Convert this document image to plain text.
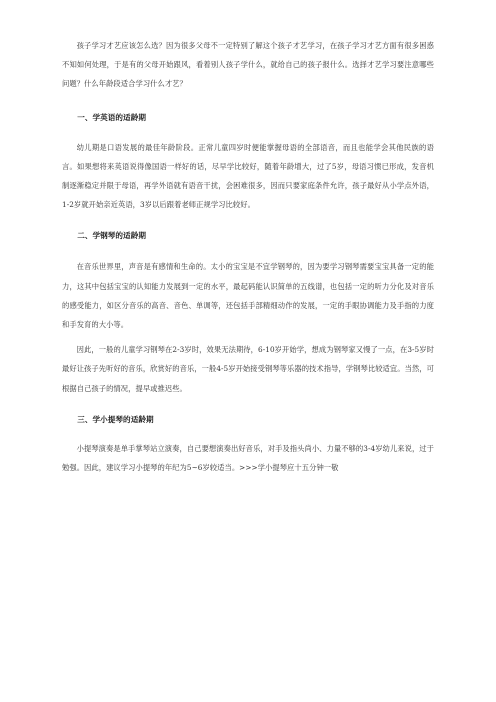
孩子学习才艺应该怎么选？因为很多父母不一定特别了解这个孩子才艺学习，在孩子学习才艺方面有很多困惑不知如何处理，于是有的父母开始跟风，看着别人孩子学什么，就给自己的孩子报什么。选择才艺学习要注意哪些问题？什么年龄段适合学习什么才艺？

一、学英语的适龄期

幼儿期是口语发展的最佳年龄阶段。正常儿童四岁时便能掌握母语的全部语音，而且也能学会其他民族的语言。如果想将来英语说得像国语一样好的话，尽早学比较好，随着年龄增大，过了5岁，母语习惯已形成，发音机制逐渐稳定并限于母语，再学外语就有语音干扰，会困难很多，因而只要家庭条件允许，孩子最好从小学点外语，1-2岁就开始亲近英语，3岁以后跟着老师正规学习比较好。

二、学钢琴的适龄期

在音乐世界里，声音是有感情和生命的。太小的宝宝是不宜学钢琴的，因为要学习钢琴需要宝宝具备一定的能力，这其中包括宝宝的认知能力发展到一定的水平，最起码能认识简单的五线谱，也包括一定的听力分化及对音乐的感受能力，如区分音乐的高音、音色、单调等，还包括手部精细动作的发展，一定的手眼协调能力及手指的力度和手发育的大小等。

因此，一般的儿童学习钢琴在2-3岁时，效果无法期待，6-10岁开始学，想成为钢琴家又慢了一点，在3-5岁时最好让孩子先听好的音乐，欣赏好的音乐，一般4-5岁开始接受钢琴等乐器的技术指导，学钢琴比较适宜。当然，可根据自己孩子的情况，提早或推迟些。

三、学小提琴的适龄期

小提琴演奏是单手掌琴站立演奏，自己要想演奏出好音乐，对手及指头尚小、力量不够的3-4岁幼儿来说，过于勉强。因此，建议学习小提琴的年纪为5~6岁较适当。>>>学小提琴应十五分钟一敬
